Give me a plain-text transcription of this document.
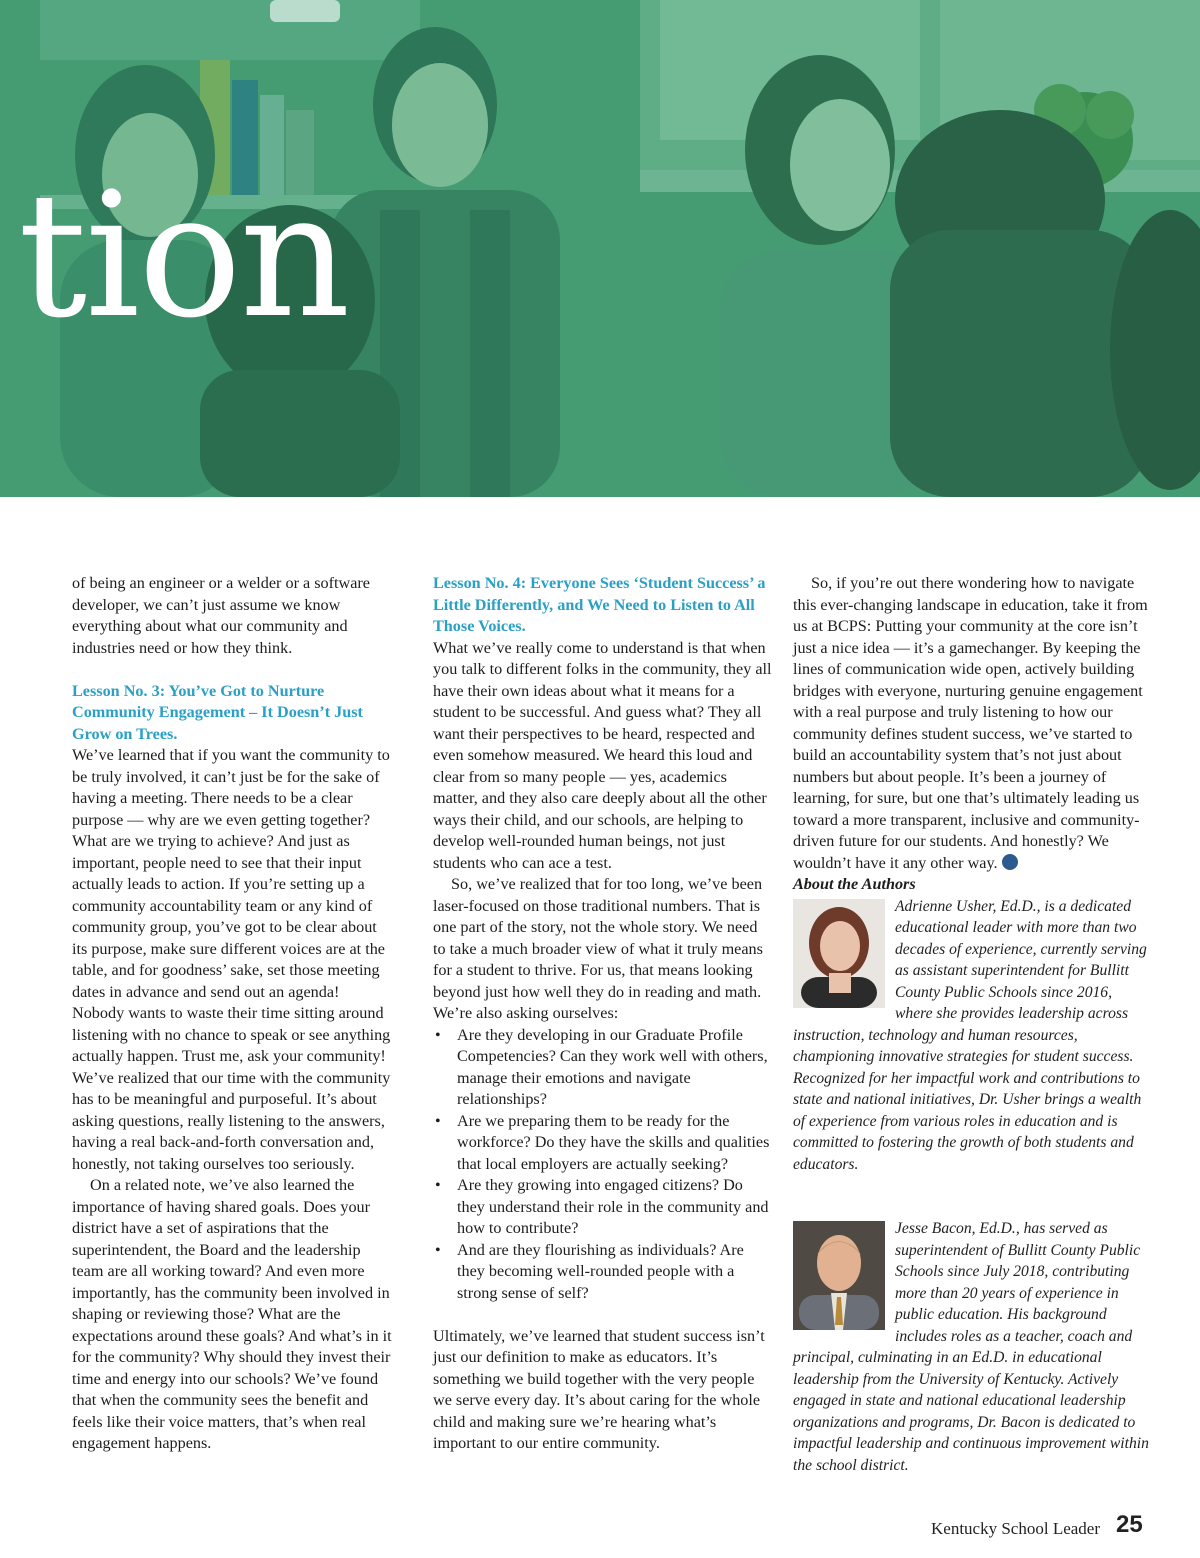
tion

of being an engineer or a welder or a software developer, we can’t just assume we know everything about what our community and industries need or how they think.

Lesson No. 3: You’ve Got to Nurture Community Engagement – It Doesn’t Just Grow on Trees.

We’ve learned that if you want the community to be truly involved, it can’t just be for the sake of having a meeting. There needs to be a clear purpose — why are we even getting together? What are we trying to achieve? And just as important, people need to see that their input actually leads to action. If you’re setting up a community accountability team or any kind of community group, you’ve got to be clear about its purpose, make sure different voices are at the table, and for goodness’ sake, set those meeting dates in advance and send out an agenda! Nobody wants to waste their time sitting around listening with no chance to speak or see anything actually happen. Trust me, ask your community! We’ve realized that our time with the community has to be meaningful and purposeful. It’s about asking questions, really listening to the answers, having a real back-and-forth conversation and, honestly, not taking ourselves too seriously.

On a related note, we’ve also learned the importance of having shared goals. Does your district have a set of aspirations that the superintendent, the Board and the leadership team are all working toward? And even more importantly, has the community been involved in shaping or reviewing those? What are the expectations around these goals? And what’s in it for the community? Why should they invest their time and energy into our schools? We’ve found that when the community sees the benefit and feels like their voice matters, that’s when real engagement happens.

Lesson No. 4: Everyone Sees ‘Student Success’ a Little Differently, and We Need to Listen to All Those Voices.

What we’ve really come to understand is that when you talk to different folks in the community, they all have their own ideas about what it means for a student to be successful. And guess what? They all want their perspectives to be heard, respected and even somehow measured. We heard this loud and clear from so many people — yes, academics matter, and they also care deeply about all the other ways their child, and our schools, are helping to develop well-rounded human beings, not just students who can ace a test.

So, we’ve realized that for too long, we’ve been laser-focused on those traditional numbers. That is one part of the story, not the whole story. We need to take a much broader view of what it truly means for a student to thrive. For us, that means looking beyond just how well they do in reading and math. We’re also asking ourselves:

• Are they developing in our Graduate Profile Competencies? Can they work well with others, manage their emotions and navigate relationships?
• Are we preparing them to be ready for the workforce? Do they have the skills and qualities that local employers are actually seeking?
• Are they growing into engaged citizens? Do they understand their role in the community and how to contribute?
• And are they flourishing as individuals? Are they becoming well-rounded people with a strong sense of self?

Ultimately, we’ve learned that student success isn’t just our definition to make as educators. It’s something we build together with the very people we serve every day. It’s about caring for the whole child and making sure we’re hearing what’s important to our entire community.

So, if you’re out there wondering how to navigate this ever-changing landscape in education, take it from us at BCPS: Putting your community at the core isn’t just a nice idea — it’s a gamechanger. By keeping the lines of communication wide open, actively building bridges with everyone, nurturing genuine engagement with a real purpose and truly listening to how our community defines student success, we’ve started to build an accountability system that’s not just about numbers but about people. It’s been a journey of learning, for sure, but one that’s ultimately leading us toward a more transparent, inclusive and community-driven future for our students. And honestly? We wouldn’t have it any other way.

About the Authors

Adrienne Usher, Ed.D., is a dedicated educational leader with more than two decades of experience, currently serving as assistant superintendent for Bullitt County Public Schools since 2016, where she provides leadership across instruction, technology and human resources, championing innovative strategies for student success. Recognized for her impactful work and contributions to state and national initiatives, Dr. Usher brings a wealth of experience from various roles in education and is committed to fostering the growth of both students and educators.

Jesse Bacon, Ed.D., has served as superintendent of Bullitt County Public Schools since July 2018, contributing more than 20 years of experience in public education. His background includes roles as a teacher, coach and principal, culminating in an Ed.D. in educational leadership from the University of Kentucky. Actively engaged in state and national educational leadership organizations and programs, Dr. Bacon is dedicated to impactful leadership and continuous improvement within the school district.

Kentucky School Leader 25
